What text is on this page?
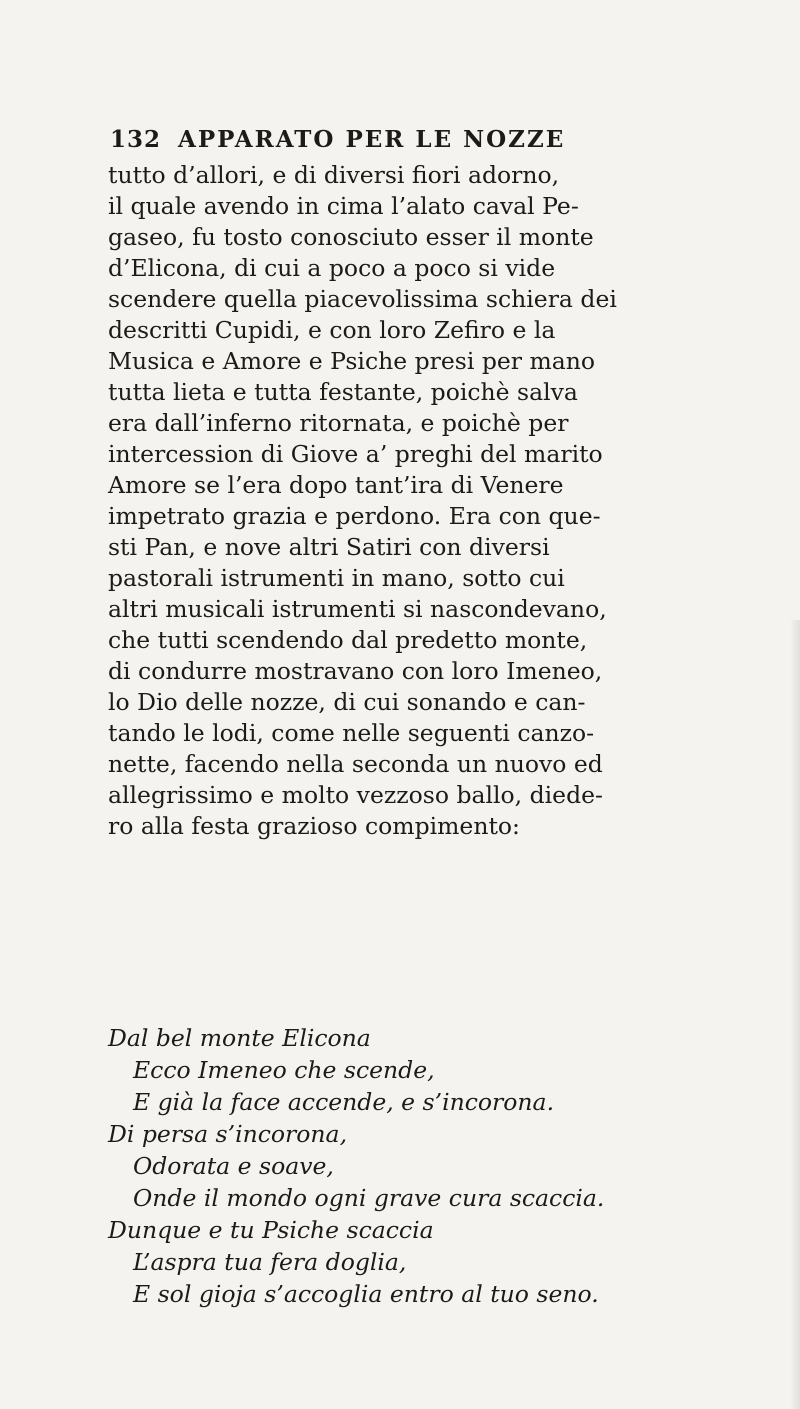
132 APPARATO PER LE NOZZE
tutto d’allori, e di diversi fiori adorno,
il quale avendo in cima l’alato caval Pe-
gaseo, fu tosto conosciuto esser il monte
d’Elicona, di cui a poco a poco si vide
scendere quella piacevolissima schiera dei
descritti Cupidi, e con loro Zefiro e la
Musica e Amore e Psiche presi per mano
tutta lieta e tutta festante, poichè salva
era dall’inferno ritornata, e poichè per
intercession di Giove a’ preghi del marito
Amore se l’era dopo tant’ira di Venere
impetrato grazia e perdono. Era con que-
sti Pan, e nove altri Satiri con diversi
pastorali istrumenti in mano, sotto cui
altri musicali istrumenti si nascondevano,
che tutti scendendo dal predetto monte,
di condurre mostravano con loro Imeneo,
lo Dio delle nozze, di cui sonando e can-
tando le lodi, come nelle seguenti canzo-
nette, facendo nella seconda un nuovo ed
allegrissimo e molto vezzoso ballo, diede-
ro alla festa grazioso compimento:
Dal bel monte Elicona
Ecco Imeneo che scende,
E già la face accende, e s’incorona.
Di persa s’incorona,
Odorata e soave,
Onde il mondo ogni grave cura scaccia.
Dunque e tu Psiche scaccia
L’aspra tua fera doglia,
E sol gioja s’accoglia entro al tuo seno.
